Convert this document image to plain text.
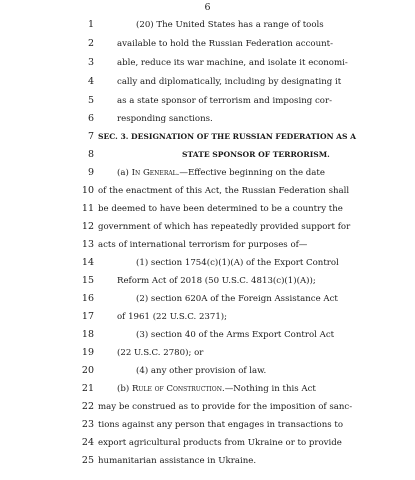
6
1	(20) The United States has a range of tools
2	available to hold the Russian Federation account-
3	able, reduce its war machine, and isolate it economi-
4	cally and diplomatically, including by designating it
5	as a state sponsor of terrorism and imposing cor-
6	responding sanctions.
7 SEC. 3. DESIGNATION OF THE RUSSIAN FEDERATION AS A
8	STATE SPONSOR OF TERRORISM.
9	(a) In General.—Effective beginning on the date
10 of the enactment of this Act, the Russian Federation shall
11 be deemed to have been determined to be a country the
12 government of which has repeatedly provided support for
13 acts of international terrorism for purposes of—
14	(1) section 1754(c)(1)(A) of the Export Control
15	Reform Act of 2018 (50 U.S.C. 4813(c)(1)(A));
16	(2) section 620A of the Foreign Assistance Act
17	of 1961 (22 U.S.C. 2371);
18	(3) section 40 of the Arms Export Control Act
19	(22 U.S.C. 2780); or
20	(4) any other provision of law.
21	(b) Rule of Construction.—Nothing in this Act
22 may be construed as to provide for the imposition of sanc-
23 tions against any person that engages in transactions to
24 export agricultural products from Ukraine or to provide
25 humanitarian assistance in Ukraine.
